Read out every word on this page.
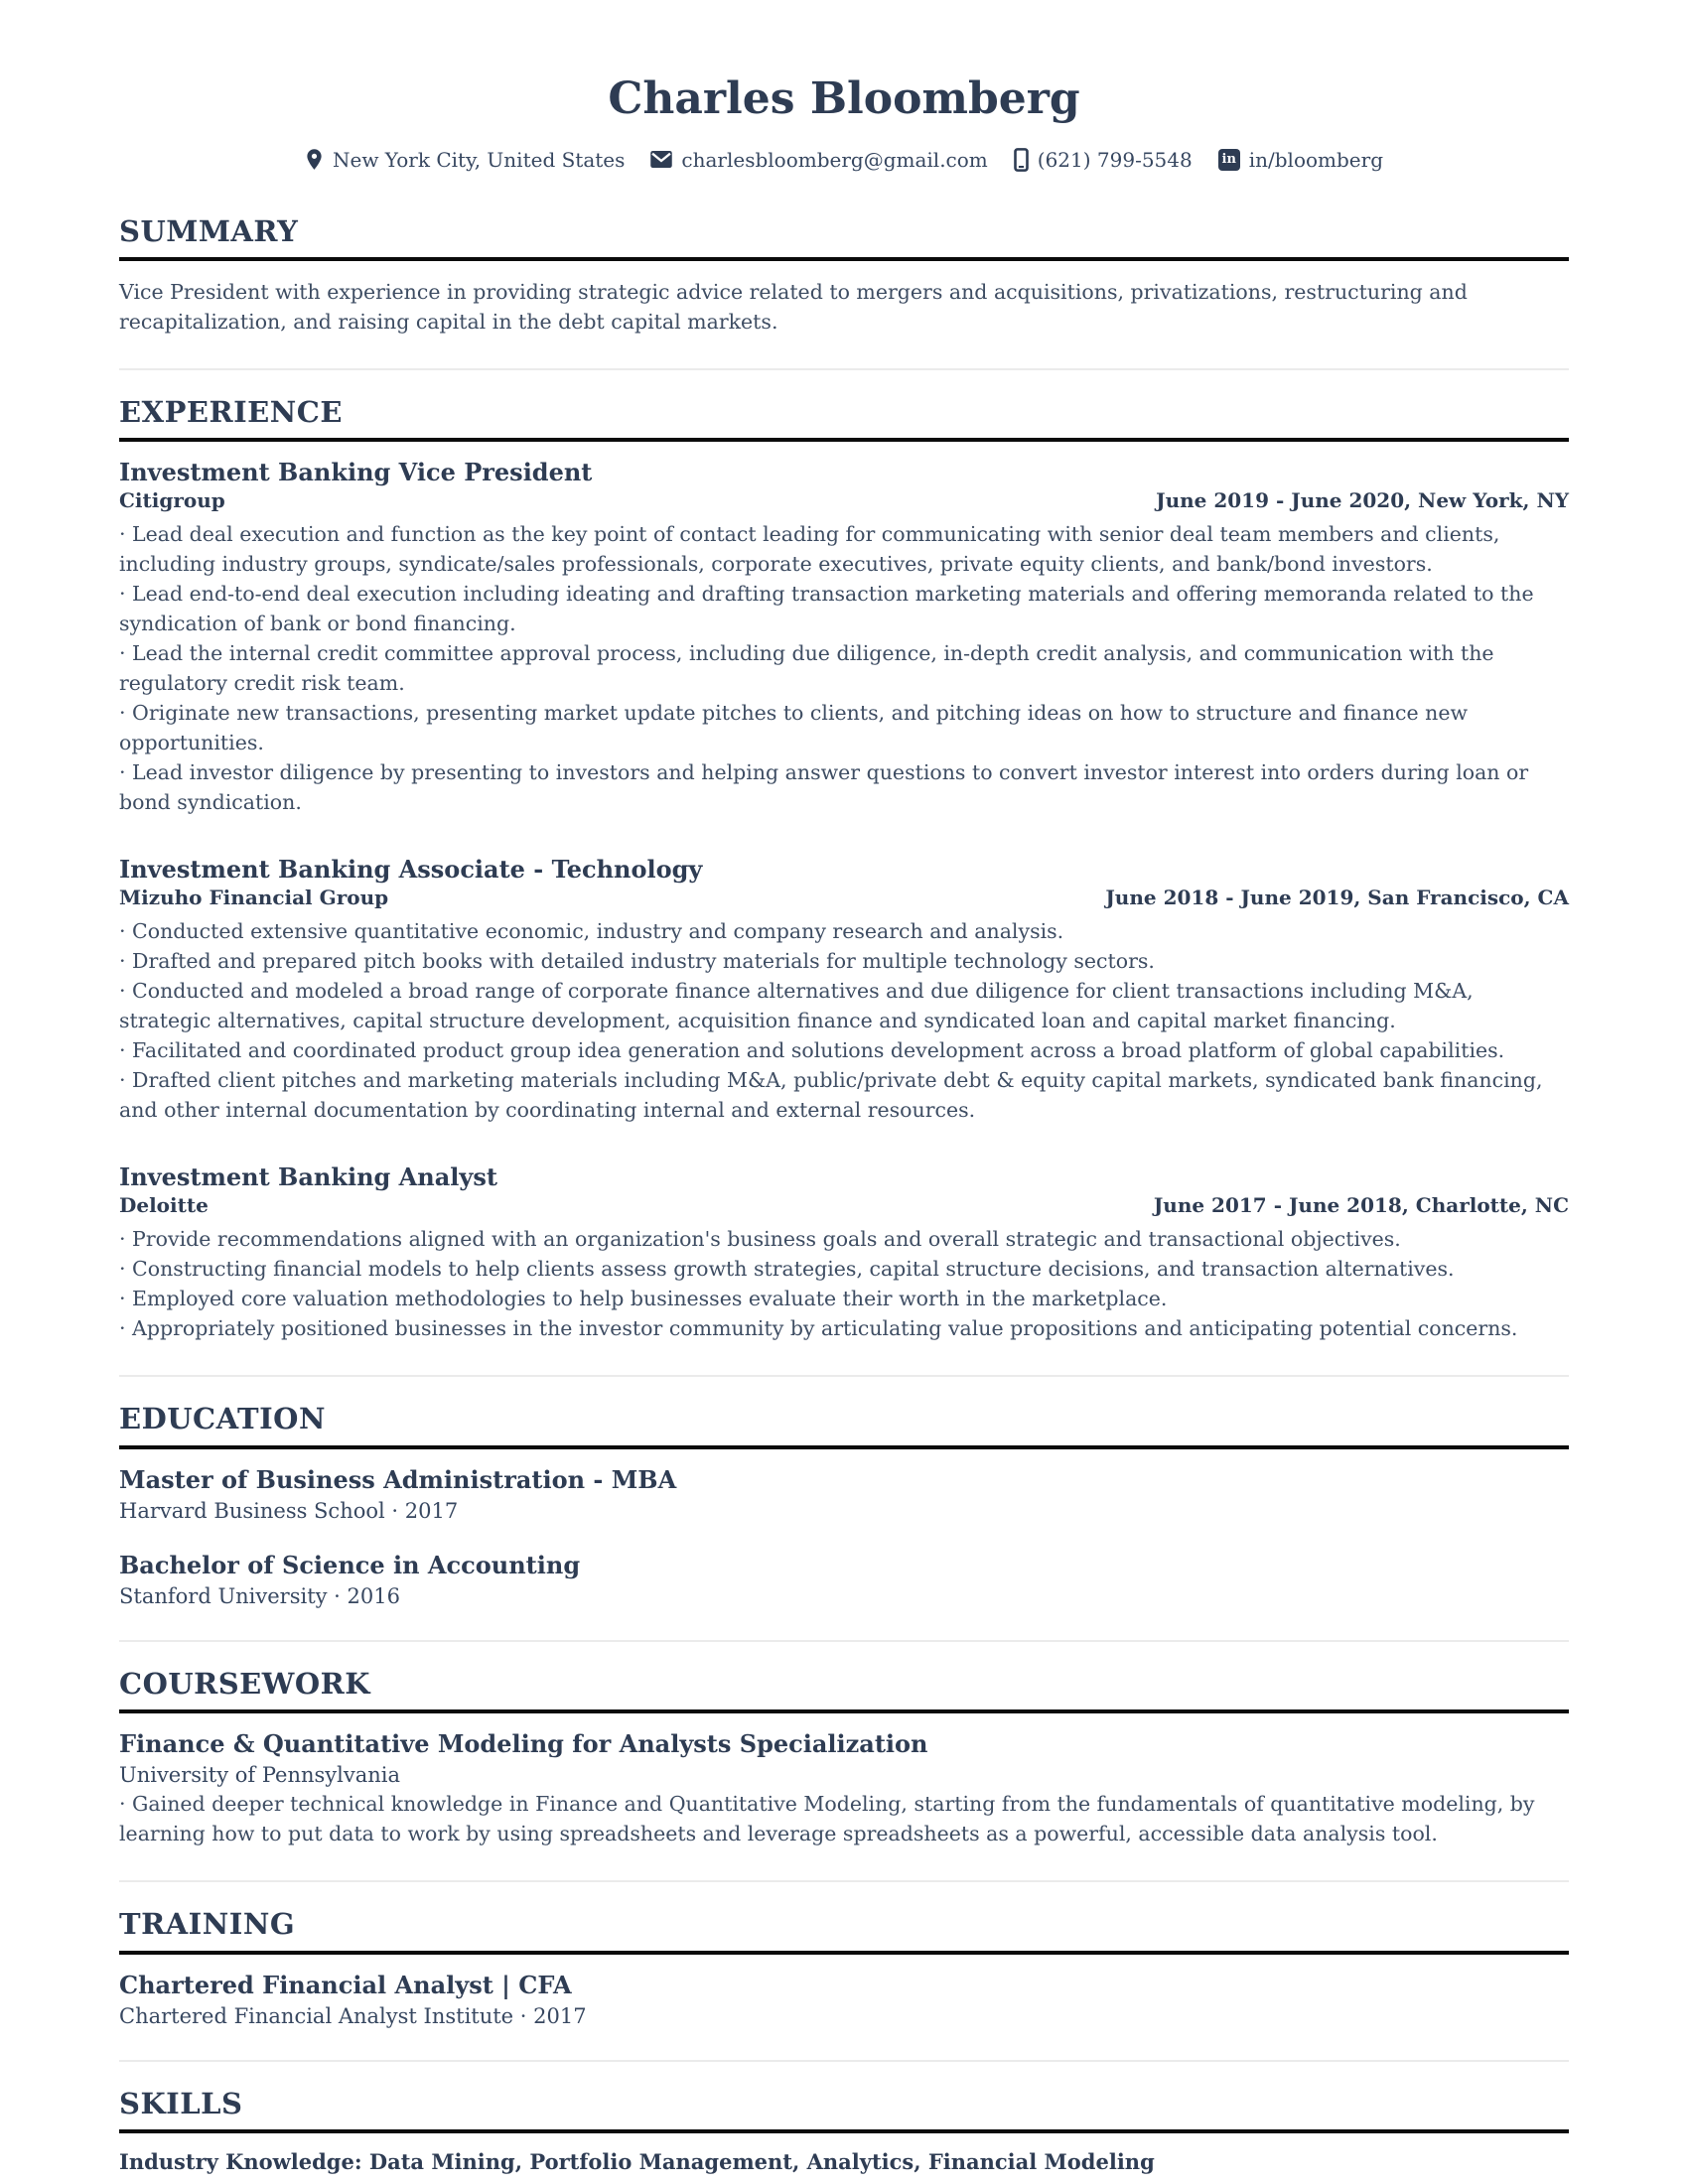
Charles Bloomberg
New York City, United States	charlesbloomberg@gmail.com	(621) 799-5548 in in/bloomberg
SUMMARY

Vice President with experience in providing strategic advice related to mergers and acquisitions, privatizations, restructuring and recapitalization, and raising capital in the debt capital markets.

EXPERIENCE
Investment Banking Vice President
Citigroup	June 2019 - June 2020, New York, NY
· Lead deal execution and function as the key point of contact leading for communicating with senior deal team members and clients, including industry groups, syndicate/sales professionals, corporate executives, private equity clients, and bank/bond investors.
· Lead end-to-end deal execution including ideating and drafting transaction marketing materials and offering memoranda related to the syndication of bank or bond financing.
· Lead the internal credit committee approval process, including due diligence, in-depth credit analysis, and communication with the regulatory credit risk team.
· Originate new transactions, presenting market update pitches to clients, and pitching ideas on how to structure and finance new opportunities.
· Lead investor diligence by presenting to investors and helping answer questions to convert investor interest into orders during loan or bond syndication.
Investment Banking Associate - Technology
Mizuho Financial Group	June 2018 - June 2019, San Francisco, CA
· Conducted extensive quantitative economic, industry and company research and analysis.
· Drafted and prepared pitch books with detailed industry materials for multiple technology sectors.
· Conducted and modeled a broad range of corporate finance alternatives and due diligence for client transactions including M&A, strategic alternatives, capital structure development, acquisition finance and syndicated loan and capital market financing.
· Facilitated and coordinated product group idea generation and solutions development across a broad platform of global capabilities.
· Drafted client pitches and marketing materials including M&A, public/private debt & equity capital markets, syndicated bank financing, and other internal documentation by coordinating internal and external resources.
Investment Banking Analyst
Deloitte	June 2017 - June 2018, Charlotte, NC
· Provide recommendations aligned with an organization's business goals and overall strategic and transactional objectives.
· Constructing financial models to help clients assess growth strategies, capital structure decisions, and transaction alternatives.
· Employed core valuation methodologies to help businesses evaluate their worth in the marketplace.
· Appropriately positioned businesses in the investor community by articulating value propositions and anticipating potential concerns.
EDUCATION
Master of Business Administration - MBA
Harvard Business School · 2017
Bachelor of Science in Accounting
Stanford University · 2016
COURSEWORK
Finance & Quantitative Modeling for Analysts Specialization
University of Pennsylvania
· Gained deeper technical knowledge in Finance and Quantitative Modeling, starting from the fundamentals of quantitative modeling, by learning how to put data to work by using spreadsheets and leverage spreadsheets as a powerful, accessible data analysis tool.
TRAINING
Chartered Financial Analyst | CFA
Chartered Financial Analyst Institute · 2017
SKILLS

Industry Knowledge: Data Mining, Portfolio Management, Analytics, Financial Modeling
